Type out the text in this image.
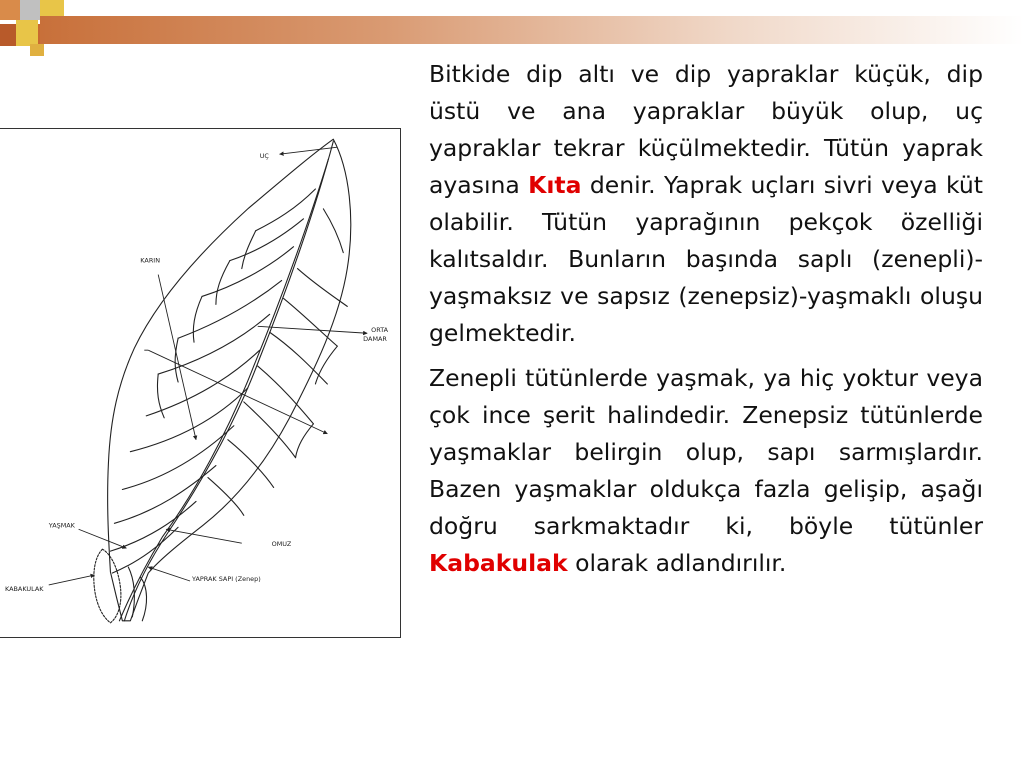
UÇ
KARIN
ORTA
DAMAR
YAŞMAK
OMUZ
KABAKULAK
YAPRAK SAPI (Zenep)

Bitkide dip altı ve dip yapraklar küçük, dip üstü ve ana yapraklar büyük olup, uç yapraklar tekrar küçülmektedir. Tütün yaprak ayasına Kıta denir. Yaprak uçları sivri veya küt olabilir. Tütün yaprağının pekçok özelliği kalıtsaldır. Bunların başında saplı (zenepli)-yaşmaksız ve sapsız (zenepsiz)-yaşmaklı oluşu gelmektedir.

Zenepli tütünlerde yaşmak, ya hiç yoktur veya çok ince şerit halindedir. Zenepsiz tütünlerde yaşmaklar belirgin olup, sapı sarmışlardır. Bazen yaşmaklar oldukça fazla gelişip, aşağı doğru sarkmaktadır ki, böyle tütünler Kabakulak olarak adlandırılır.
